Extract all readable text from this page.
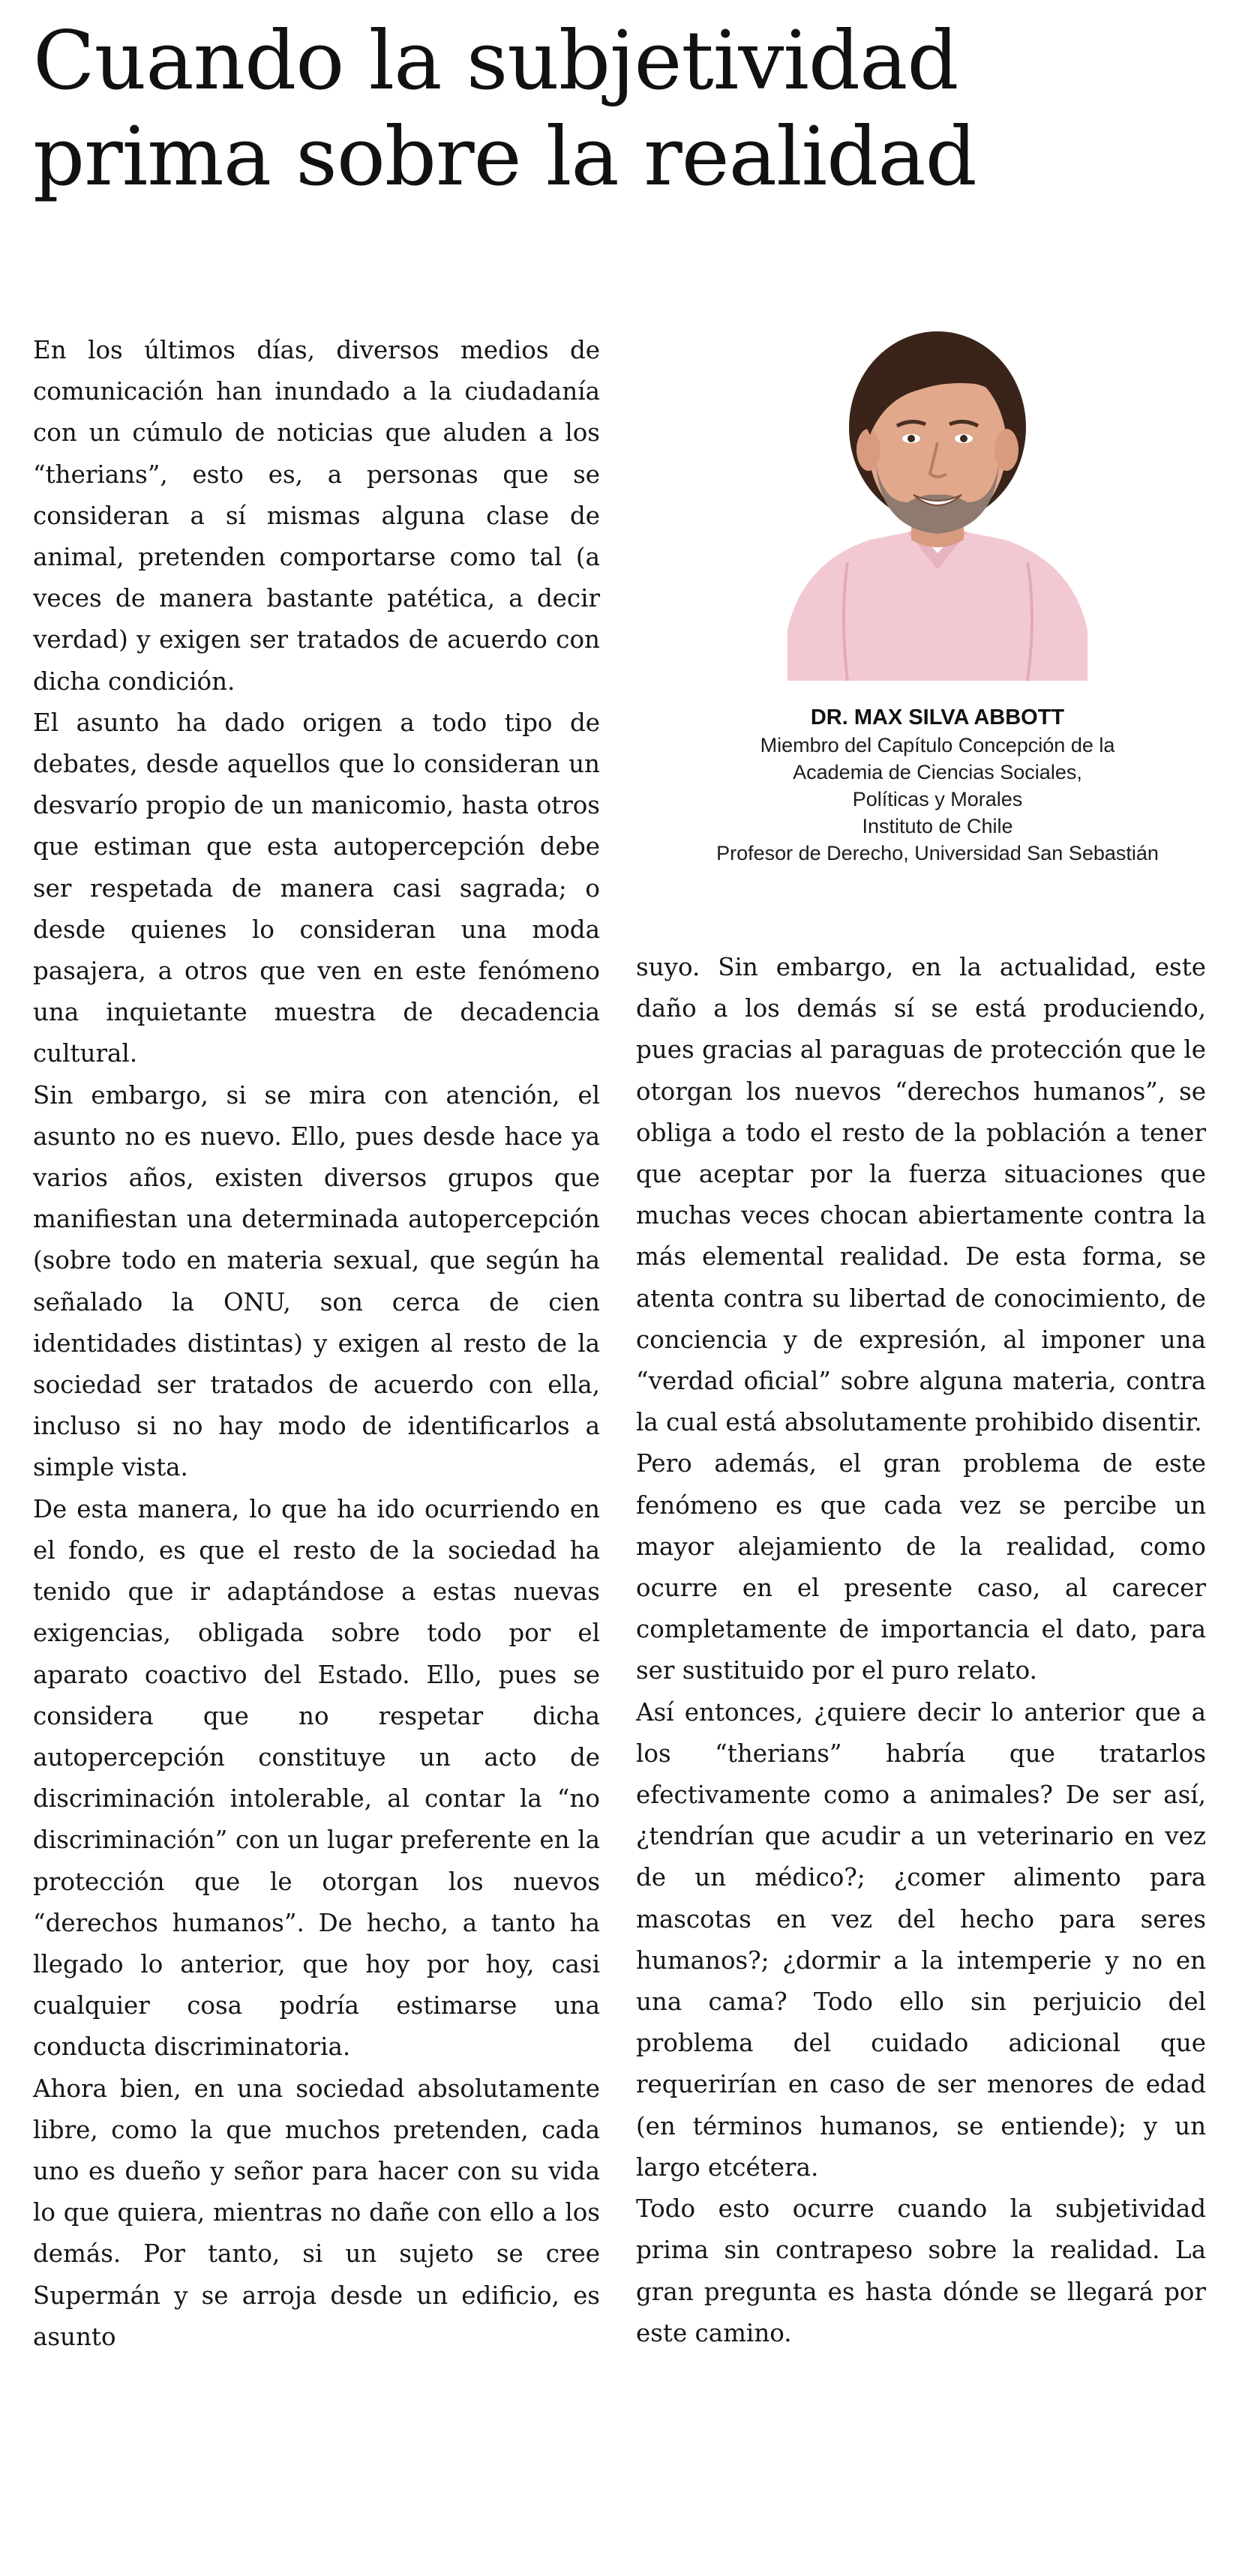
Cuando la subjetividad
prima sobre la realidad

En los últimos días, diversos medios de comunicación han inundado a la ciudadanía con un cúmulo de noticias que aluden a los “therians”, esto es, a personas que se consideran a sí mismas alguna clase de animal, pretenden comportarse como tal (a veces de manera bastante patética, a decir verdad) y exigen ser tratados de acuerdo con dicha condición.

El asunto ha dado origen a todo tipo de debates, desde aquellos que lo consideran un desvarío propio de un manicomio, hasta otros que estiman que esta autopercepción debe ser respetada de manera casi sagrada; o desde quienes lo consideran una moda pasajera, a otros que ven en este fenómeno una inquietante muestra de decadencia cultural.

Sin embargo, si se mira con atención, el asunto no es nuevo. Ello, pues desde hace ya varios años, existen diversos grupos que manifiestan una determinada autopercepción (sobre todo en materia sexual, que según ha señalado la ONU, son cerca de cien identidades distintas) y exigen al resto de la sociedad ser tratados de acuerdo con ella, incluso si no hay modo de identificarlos a simple vista.

De esta manera, lo que ha ido ocurriendo en el fondo, es que el resto de la sociedad ha tenido que ir adaptándose a estas nuevas exigencias, obligada sobre todo por el aparato coactivo del Estado. Ello, pues se considera que no respetar dicha autopercepción constituye un acto de discriminación intolerable, al contar la “no discriminación” con un lugar preferente en la protección que le otorgan los nuevos “derechos humanos”. De hecho, a tanto ha llegado lo anterior, que hoy por hoy, casi cualquier cosa podría estimarse una conducta discriminatoria.

Ahora bien, en una sociedad absolutamente libre, como la que muchos pretenden, cada uno es dueño y señor para hacer con su vida lo que quiera, mientras no dañe con ello a los demás. Por tanto, si un sujeto se cree Supermán y se arroja desde un edificio, es asunto

DR. MAX SILVA ABBOTT
Miembro del Capítulo Concepción de la
Academia de Ciencias Sociales,
Políticas y Morales
Instituto de Chile
Profesor de Derecho, Universidad San Sebastián

suyo. Sin embargo, en la actualidad, este daño a los demás sí se está produciendo, pues gracias al paraguas de protección que le otorgan los nuevos “derechos humanos”, se obliga a todo el resto de la población a tener que aceptar por la fuerza situaciones que muchas veces chocan abiertamente contra la más elemental realidad. De esta forma, se atenta contra su libertad de conocimiento, de conciencia y de expresión, al imponer una “verdad oficial” sobre alguna materia, contra la cual está absolutamente prohibido disentir.

Pero además, el gran problema de este fenómeno es que cada vez se percibe un mayor alejamiento de la realidad, como ocurre en el presente caso, al carecer completamente de importancia el dato, para ser sustituido por el puro relato.

Así entonces, ¿quiere decir lo anterior que a los “therians” habría que tratarlos efectivamente como a animales? De ser así, ¿tendrían que acudir a un veterinario en vez de un médico?; ¿comer alimento para mascotas en vez del hecho para seres humanos?; ¿dormir a la intemperie y no en una cama? Todo ello sin perjuicio del problema del cuidado adicional que requerirían en caso de ser menores de edad (en términos humanos, se entiende); y un largo etcétera.

Todo esto ocurre cuando la subjetividad prima sin contrapeso sobre la realidad. La gran pregunta es hasta dónde se llegará por este camino.
